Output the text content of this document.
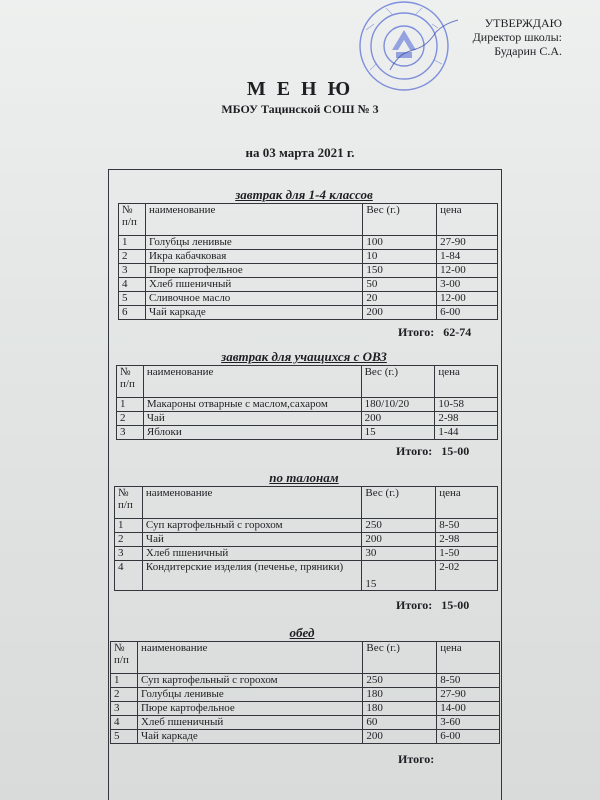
УТВЕРЖДАЮ
Директор школы:
Бударин С.А.
М Е Н Ю
МБОУ Тацинской СОШ № 3
на 03 марта 2021 г.
завтрак для 1-4 классов
№ п/п	наименование	Вес (г.)	цена
1	Голубцы ленивые	100	27-90
2	Икра кабачковая	10	1-84
3	Пюре картофельное	150	12-00
4	Хлеб пшеничный	50	3-00
5	Сливочное масло	20	12-00
6	Чай каркаде	200	6-00
Итого: 62-74
завтрак для учащихся с ОВЗ
№ п/п	наименование	Вес (г.)	цена
1	Макароны отварные с маслом,сахаром	180/10/20	10-58
2	Чай	200	2-98
3	Яблоки	15	1-44
Итого: 15-00
по талонам
№ п/п	наименование	Вес (г.)	цена
1	Суп картофельный с горохом	250	8-50
2	Чай	200	2-98
3	Хлеб пшеничный	30	1-50
4	Кондитерские изделия (печенье, пряники)	15	2-02
Итого: 15-00
обед
№ п/п	наименование	Вес (г.)	цена
1	Суп картофельный с горохом	250	8-50
2	Голубцы ленивые	180	27-90
3	Пюре картофельное	180	14-00
4	Хлеб пшеничный	60	3-60
5	Чай каркаде	200	6-00
Итого:
